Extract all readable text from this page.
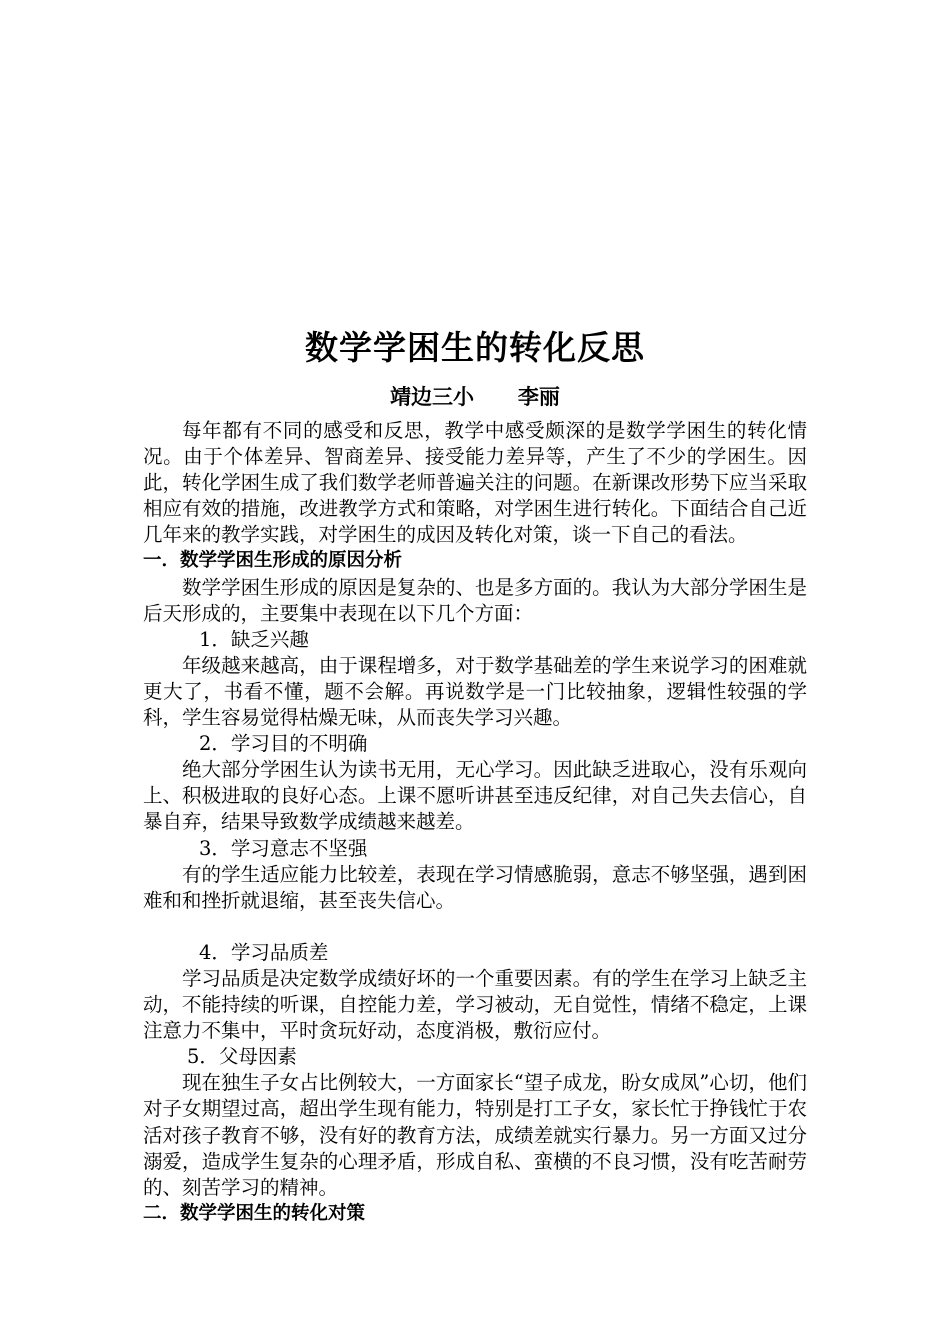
数学学困生的转化反思
靖边三小      李丽

每年都有不同的感受和反思，教学中感受颇深的是数学学困生的转化情况。由于个体差异、智商差异、接受能力差异等，产生了不少的学困生。因此，转化学困生成了我们数学老师普遍关注的问题。在新课改形势下应当采取相应有效的措施，改进教学方式和策略，对学困生进行转化。下面结合自己近几年来的教学实践，对学困生的成因及转化对策，谈一下自己的看法。

一．数学学困生形成的原因分析

数学学困生形成的原因是复杂的、也是多方面的。我认为大部分学困生是后天形成的，主要集中表现在以下几个方面：

1．缺乏兴趣

年级越来越高，由于课程增多，对于数学基础差的学生来说学习的困难就更大了，书看不懂，题不会解。再说数学是一门比较抽象，逻辑性较强的学科，学生容易觉得枯燥无味，从而丧失学习兴趣。

2．学习目的不明确

绝大部分学困生认为读书无用，无心学习。因此缺乏进取心，没有乐观向上、积极进取的良好心态。上课不愿听讲甚至违反纪律，对自己失去信心，自暴自弃，结果导致数学成绩越来越差。

3．学习意志不坚强

有的学生适应能力比较差，表现在学习情感脆弱，意志不够坚强，遇到困难和和挫折就退缩，甚至丧失信心。

4．学习品质差

学习品质是决定数学成绩好坏的一个重要因素。有的学生在学习上缺乏主动，不能持续的听课，自控能力差，学习被动，无自觉性，情绪不稳定，上课注意力不集中，平时贪玩好动，态度消极，敷衍应付。

5．父母因素

现在独生子女占比例较大，一方面家长“望子成龙，盼女成凤”心切，他们对子女期望过高，超出学生现有能力，特别是打工子女，家长忙于挣钱忙于农活对孩子教育不够，没有好的教育方法，成绩差就实行暴力。另一方面又过分溺爱，造成学生复杂的心理矛盾，形成自私、蛮横的不良习惯，没有吃苦耐劳的、刻苦学习的精神。

二．数学学困生的转化对策
